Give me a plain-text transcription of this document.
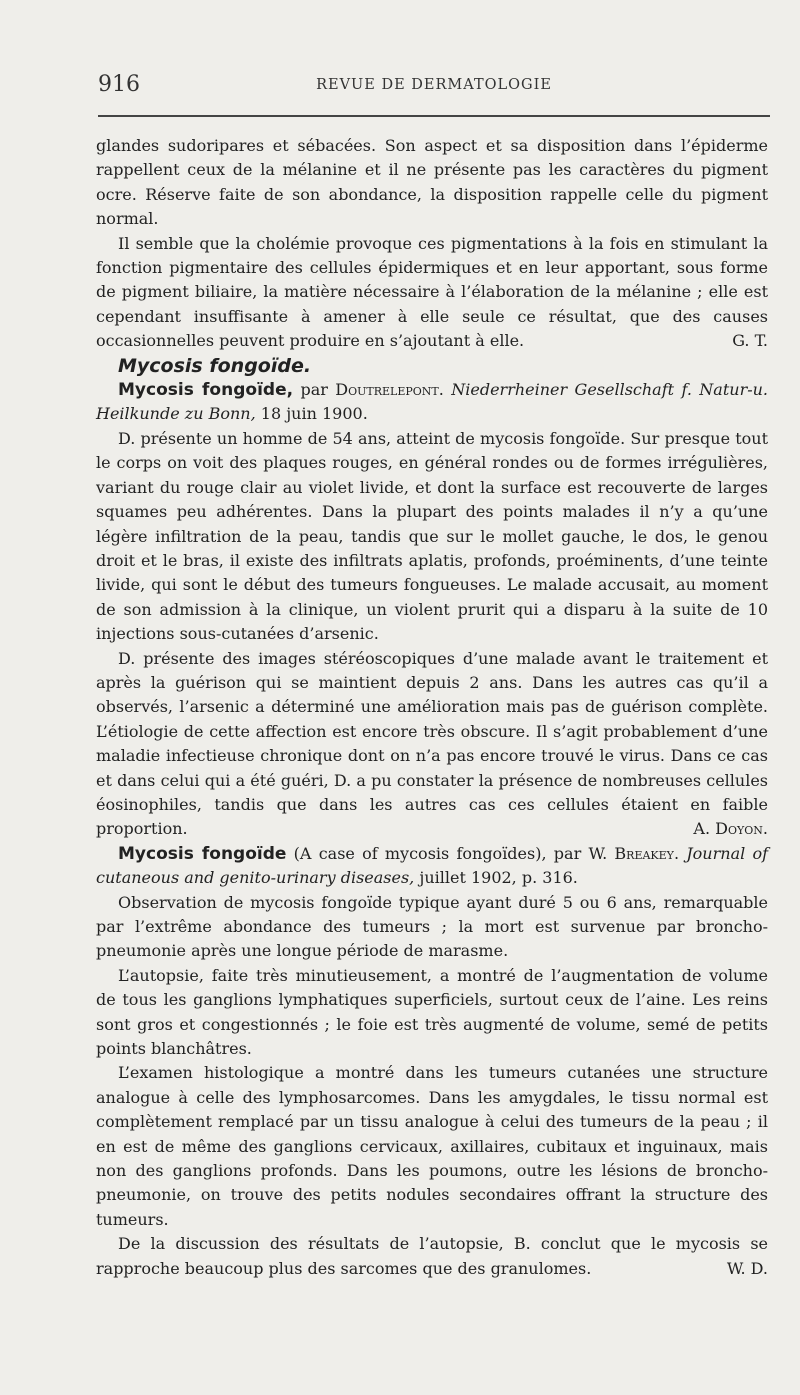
916	REVUE DE DERMATOLOGIE

glandes sudoripares et sébacées. Son aspect et sa disposition dans l’épiderme rappellent ceux de la mélanine et il ne présente pas les caractères du pigment ocre. Réserve faite de son abondance, la disposition rappelle celle du pigment normal.

Il semble que la cholémie provoque ces pigmentations à la fois en stimulant la fonction pigmentaire des cellules épidermiques et en leur apportant, sous forme de pigment biliaire, la matière nécessaire à l’élaboration de la mélanine ; elle est cependant insuffisante à amener à elle seule ce résultat, que des causes occasionnelles peuvent produire en s’ajoutant à elle.	G. T.

Mycosis fongoïde.

Mycosis fongoïde, par Doutrelepont. Niederrheiner Gesellschaft f. Natur-u. Heilkunde zu Bonn, 18 juin 1900.

D. présente un homme de 54 ans, atteint de mycosis fongoïde. Sur presque tout le corps on voit des plaques rouges, en général rondes ou de formes irrégulières, variant du rouge clair au violet livide, et dont la surface est recouverte de larges squames peu adhérentes. Dans la plupart des points malades il n’y a qu’une légère infiltration de la peau, tandis que sur le mollet gauche, le dos, le genou droit et le bras, il existe des infiltrats aplatis, profonds, proéminents, d’une teinte livide, qui sont le début des tumeurs fongueuses. Le malade accusait, au moment de son admission à la clinique, un violent prurit qui a disparu à la suite de 10 injections sous-cutanées d’arsenic.

D. présente des images stéréoscopiques d’une malade avant le traitement et après la guérison qui se maintient depuis 2 ans. Dans les autres cas qu’il a observés, l’arsenic a déterminé une amélioration mais pas de guérison complète. L’étiologie de cette affection est encore très obscure. Il s’agit probablement d’une maladie infectieuse chronique dont on n’a pas encore trouvé le virus. Dans ce cas et dans celui qui a été guéri, D. a pu constater la présence de nombreuses cellules éosinophiles, tandis que dans les autres cas ces cellules étaient en faible proportion.	A. Doyon.

Mycosis fongoïde (A case of mycosis fongoïdes), par W. Breakey. Journal of cutaneous and genito-urinary diseases, juillet 1902, p. 316.

Observation de mycosis fongoïde typique ayant duré 5 ou 6 ans, remarquable par l’extrême abondance des tumeurs ; la mort est survenue par broncho-pneumonie après une longue période de marasme.

L’autopsie, faite très minutieusement, a montré de l’augmentation de volume de tous les ganglions lymphatiques superficiels, surtout ceux de l’aine. Les reins sont gros et congestionnés ; le foie est très augmenté de volume, semé de petits points blanchâtres.

L’examen histologique a montré dans les tumeurs cutanées une structure analogue à celle des lymphosarcomes. Dans les amygdales, le tissu normal est complètement remplacé par un tissu analogue à celui des tumeurs de la peau ; il en est de même des ganglions cervicaux, axillaires, cubitaux et inguinaux, mais non des ganglions profonds. Dans les poumons, outre les lésions de broncho-pneumonie, on trouve des petits nodules secondaires offrant la structure des tumeurs.

De la discussion des résultats de l’autopsie, B. conclut que le mycosis se rapproche beaucoup plus des sarcomes que des granulomes.	W. D.
